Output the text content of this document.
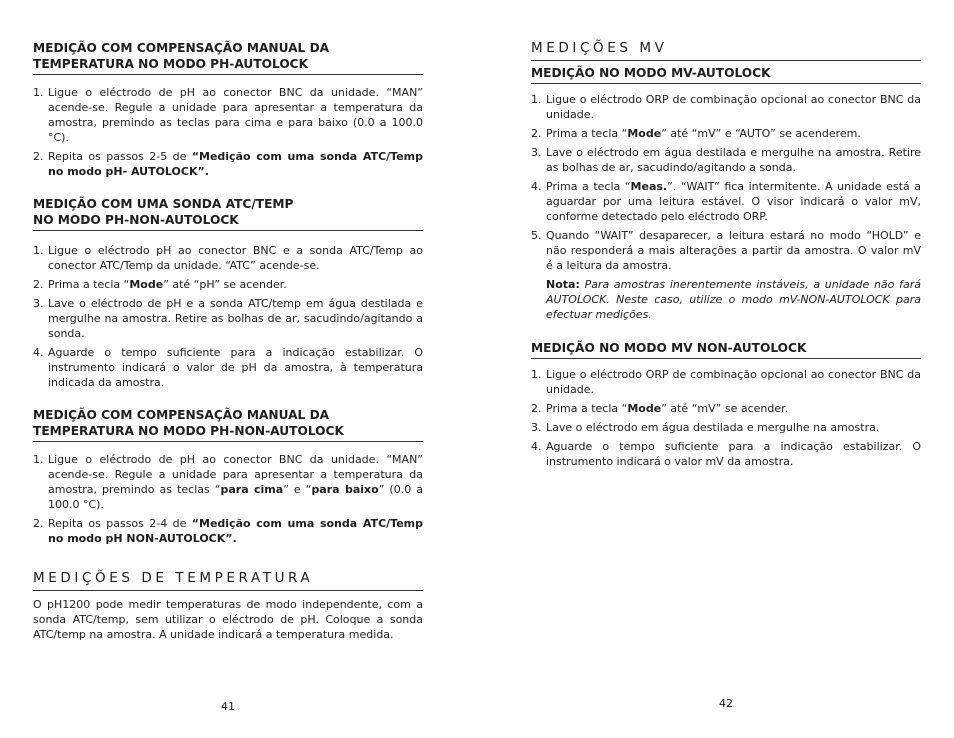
MEDIÇÃO COM COMPENSAÇÃO MANUAL DA
TEMPERATURA NO MODO PH-AUTOLOCK
1. Ligue o eléctrodo de pH ao conector BNC da unidade. “MAN” acende-se. Regule a unidade para apresentar a temperatura da amostra, premindo as teclas para cima e para baixo (0.0 a 100.0 °C).
2. Repita os passos 2-5 de “Medição com uma sonda ATC/Temp no modo pH- AUTOLOCK”.
MEDIÇÃO COM UMA SONDA ATC/TEMP
NO MODO PH-NON-AUTOLOCK
1. Ligue o eléctrodo pH ao conector BNC e a sonda ATC/Temp ao conector ATC/Temp da unidade. “ATC” acende-se.
2. Prima a tecla “Mode” até “pH” se acender.
3. Lave o eléctrodo de pH e a sonda ATC/temp em água destilada e mergulhe na amostra. Retire as bolhas de ar, sacudindo/agitando a sonda.
4. Aguarde o tempo suficiente para a indicação estabilizar. O instrumento indicará o valor de pH da amostra, à temperatura indicada da amostra.
MEDIÇÃO COM COMPENSAÇÃO MANUAL DA
TEMPERATURA NO MODO PH-NON-AUTOLOCK
1. Ligue o eléctrodo de pH ao conector BNC da unidade. “MAN” acende-se. Regule a unidade para apresentar a temperatura da amostra, premindo as teclas “para cima” e “para baixo” (0.0 a 100.0 °C).
2. Repita os passos 2-4 de “Medição com uma sonda ATC/Temp no modo pH NON-AUTOLOCK”.
MEDIÇÕES DE TEMPERATURA

O pH1200 pode medir temperaturas de modo independente, com a sonda ATC/temp, sem utilizar o eléctrodo de pH. Coloque a sonda ATC/temp na amostra. A unidade indicará a temperatura medida.

41
MEDIÇÕES MV
MEDIÇÃO NO MODO MV-AUTOLOCK
1. Ligue o eléctrodo ORP de combinação opcional ao conector BNC da unidade.
2. Prima a tecla “Mode” até “mV” e “AUTO” se acenderem.
3. Lave o eléctrodo em água destilada e mergulhe na amostra. Retire as bolhas de ar, sacudindo/agitando a sonda.
4. Prima a tecla “Meas.”. “WAIT” fica intermitente. A unidade está a aguardar por uma leitura estável. O visor indicará o valor mV, conforme detectado pelo eléctrodo ORP.
5. Quando “WAIT” desaparecer, a leitura estará no modo “HOLD” e não responderá a mais alterações a partir da amostra. O valor mV é a leitura da amostra.
Nota: Para amostras inerentemente instáveis, a unidade não fará AUTOLOCK. Neste caso, utilize o modo mV-NON-AUTOLOCK para efectuar medições.
MEDIÇÃO NO MODO MV NON-AUTOLOCK
1. Ligue o eléctrodo ORP de combinação opcional ao conector BNC da unidade.
2. Prima a tecla “Mode” até “mV” se acender.
3. Lave o eléctrodo em água destilada e mergulhe na amostra.
4. Aguarde o tempo suficiente para a indicação estabilizar. O instrumento indicará o valor mV da amostra.
42
